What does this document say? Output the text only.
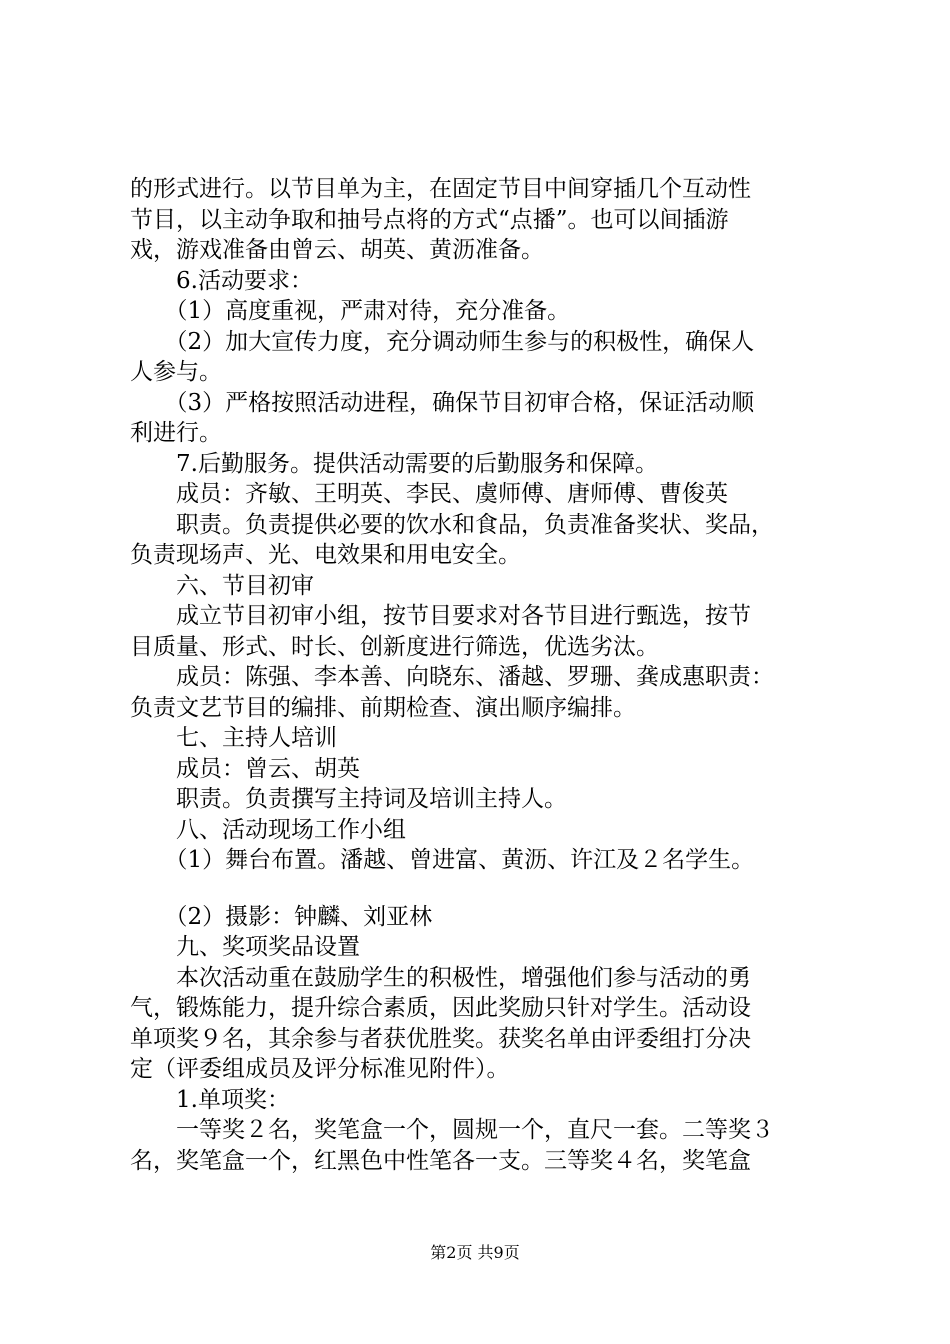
的形式进行。以节目单为主，在固定节目中间穿插几个互动性

节目，以主动争取和抽号点将的方式“点播”。也可以间插游

戏，游戏准备由曾云、胡英、黄沥准备。

　　6.活动要求：

　　（1）高度重视，严肃对待，充分准备。

　　（2）加大宣传力度，充分调动师生参与的积极性，确保人

人参与。

　　（3）严格按照活动进程，确保节目初审合格，保证活动顺

利进行。

　　7.后勤服务。提供活动需要的后勤服务和保障。

　　成员：齐敏、王明英、李民、虞师傅、唐师傅、曹俊英

　　职责。负责提供必要的饮水和食品，负责准备奖状、奖品，

负责现场声、光、电效果和用电安全。

　　六、节目初审

　　成立节目初审小组，按节目要求对各节目进行甄选，按节

目质量、形式、时长、创新度进行筛选，优选劣汰。

　　成员：陈强、李本善、向晓东、潘越、罗珊、龚成惠职责：

负责文艺节目的编排、前期检查、演出顺序编排。

　　七、主持人培训

　　成员：曾云、胡英

　　职责。负责撰写主持词及培训主持人。

　　八、活动现场工作小组

　　（1）舞台布置。潘越、曾进富、黄沥、许江及２名学生。

　　（2）摄影：钟麟、刘亚林

　　九、奖项奖品设置

　　本次活动重在鼓励学生的积极性，增强他们参与活动的勇

气，锻炼能力，提升综合素质，因此奖励只针对学生。活动设

单项奖９名，其余参与者获优胜奖。获奖名单由评委组打分决

定（评委组成员及评分标准见附件）。

　　1.单项奖：

　　一等奖２名，奖笔盒一个，圆规一个，直尺一套。二等奖３

名，奖笔盒一个，红黑色中性笔各一支。三等奖４名，奖笔盒

第2页 共9页
